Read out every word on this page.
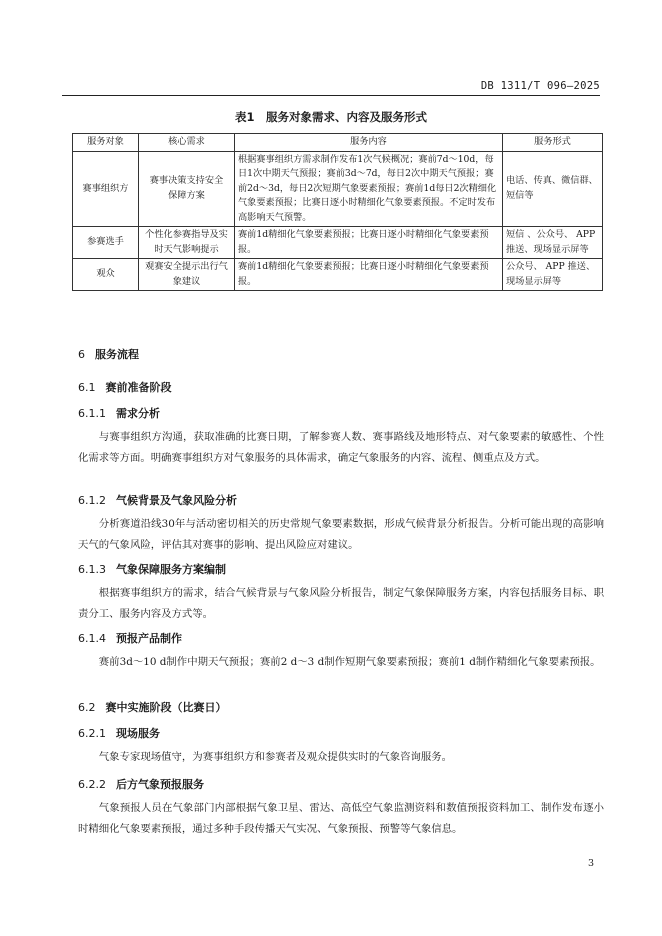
DB 1311/T 096—2025
表1　服务对象需求、内容及服务形式
服务对象	核心需求	服务内容	服务形式
赛事组织方	赛事决策支持安全保障方案	根据赛事组织方需求制作发布1次气候概况；赛前7d～10d，每日1次中期天气预报；赛前3d～7d，每日2次中期天气预报；赛前2d～3d，每日2次短期气象要素预报；赛前1d每日2次精细化气象要素预报；比赛日逐小时精细化气象要素预报。不定时发布高影响天气预警。	电话、传真、微信群、短信等
参赛选手	个性化参赛指导及实时天气影响提示	赛前1d精细化气象要素预报；比赛日逐小时精细化气象要素预报。	短信 、公众号、 APP推送、现场显示屏等
观众	观赛安全提示出行气象建议	赛前1d精细化气象要素预报；比赛日逐小时精细化气象要素预报。	公众号、 APP 推送、现场显示屏等
6 服务流程
6.1 赛前准备阶段
6.1.1 需求分析
与赛事组织方沟通，获取准确的比赛日期，了解参赛人数、赛事路线及地形特点、对气象要素的敏感性、个性化需求等方面。明确赛事组织方对气象服务的具体需求，确定气象服务的内容、流程、侧重点及方式。
6.1.2 气候背景及气象风险分析
分析赛道沿线30年与活动密切相关的历史常规气象要素数据，形成气候背景分析报告。分析可能出现的高影响天气的气象风险，评估其对赛事的影响、提出风险应对建议。
6.1.3 气象保障服务方案编制
根据赛事组织方的需求，结合气候背景与气象风险分析报告，制定气象保障服务方案，内容包括服务目标、职责分工、服务内容及方式等。
6.1.4 预报产品制作
赛前3d～10 d制作中期天气预报；赛前2 d～3 d制作短期气象要素预报；赛前1 d制作精细化气象要素预报。
6.2 赛中实施阶段（比赛日）
6.2.1 现场服务
气象专家现场值守，为赛事组织方和参赛者及观众提供实时的气象咨询服务。
6.2.2 后方气象预报服务
气象预报人员在气象部门内部根据气象卫星、雷达、高低空气象监测资料和数值预报资料加工、制作发布逐小时精细化气象要素预报，通过多种手段传播天气实况、气象预报、预警等气象信息。
3
